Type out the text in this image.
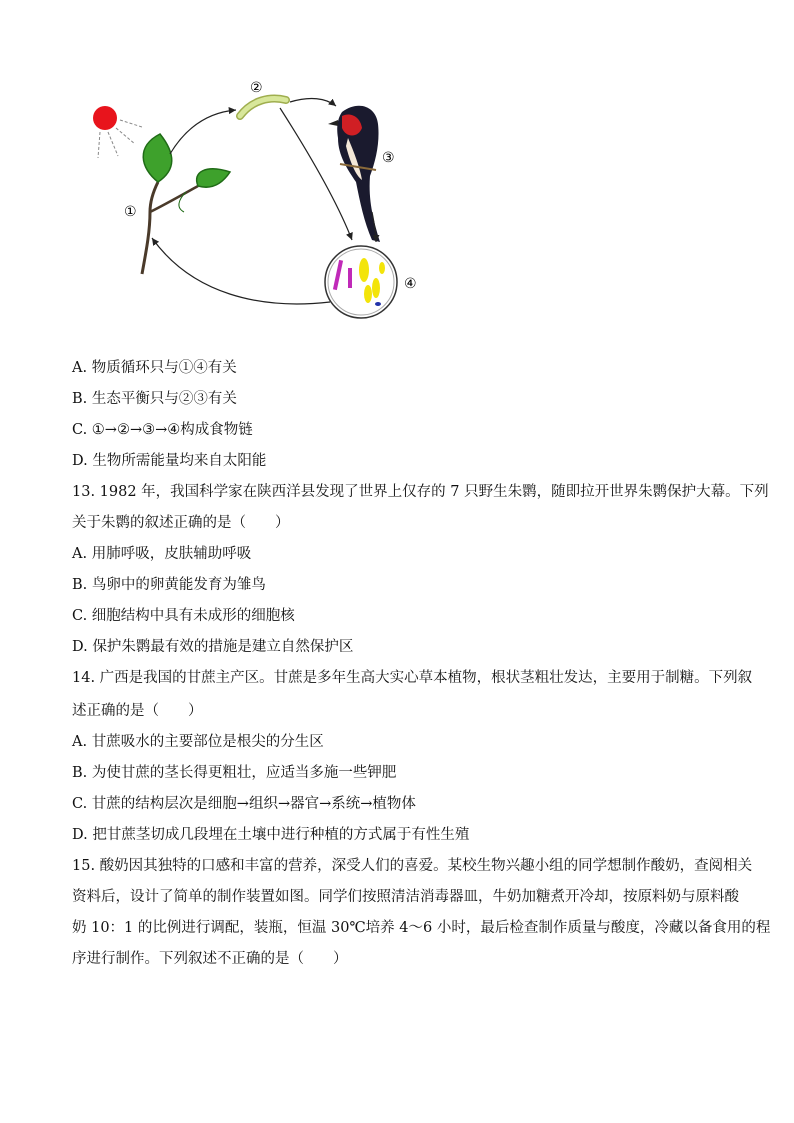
①
②
③
④
A. 物质循环只与①④有关
B. 生态平衡只与②③有关
C. ①→②→③→④构成食物链
D. 生物所需能量均来自太阳能
13. 1982 年，我国科学家在陕西洋县发现了世界上仅存的 7 只野生朱鹮，随即拉开世界朱鹮保护大幕。下列
关于朱鹮的叙述正确的是（　　）
A. 用肺呼吸，皮肤辅助呼吸
B. 鸟卵中的卵黄能发育为雏鸟
C. 细胞结构中具有未成形的细胞核
D. 保护朱鹮最有效的措施是建立自然保护区
14. 广西是我国的甘蔗主产区。甘蔗是多年生高大实心草本植物，根状茎粗壮发达，主要用于制糖。下列叙
述正确的是（　　）
A. 甘蔗吸水的主要部位是根尖的分生区
B. 为使甘蔗的茎长得更粗壮，应适当多施一些钾肥
C. 甘蔗的结构层次是细胞→组织→器官→系统→植物体
D. 把甘蔗茎切成几段埋在土壤中进行种植的方式属于有性生殖
15. 酸奶因其独特的口感和丰富的营养，深受人们的喜爱。某校生物兴趣小组的同学想制作酸奶，查阅相关
资料后，设计了简单的制作装置如图。同学们按照清洁消毒器皿，牛奶加糖煮开冷却，按原料奶与原料酸
奶 10：1 的比例进行调配，装瓶，恒温 30℃培养 4～6 小时，最后检查制作质量与酸度，冷藏以备食用的程
序进行制作。下列叙述不正确的是（　　）
